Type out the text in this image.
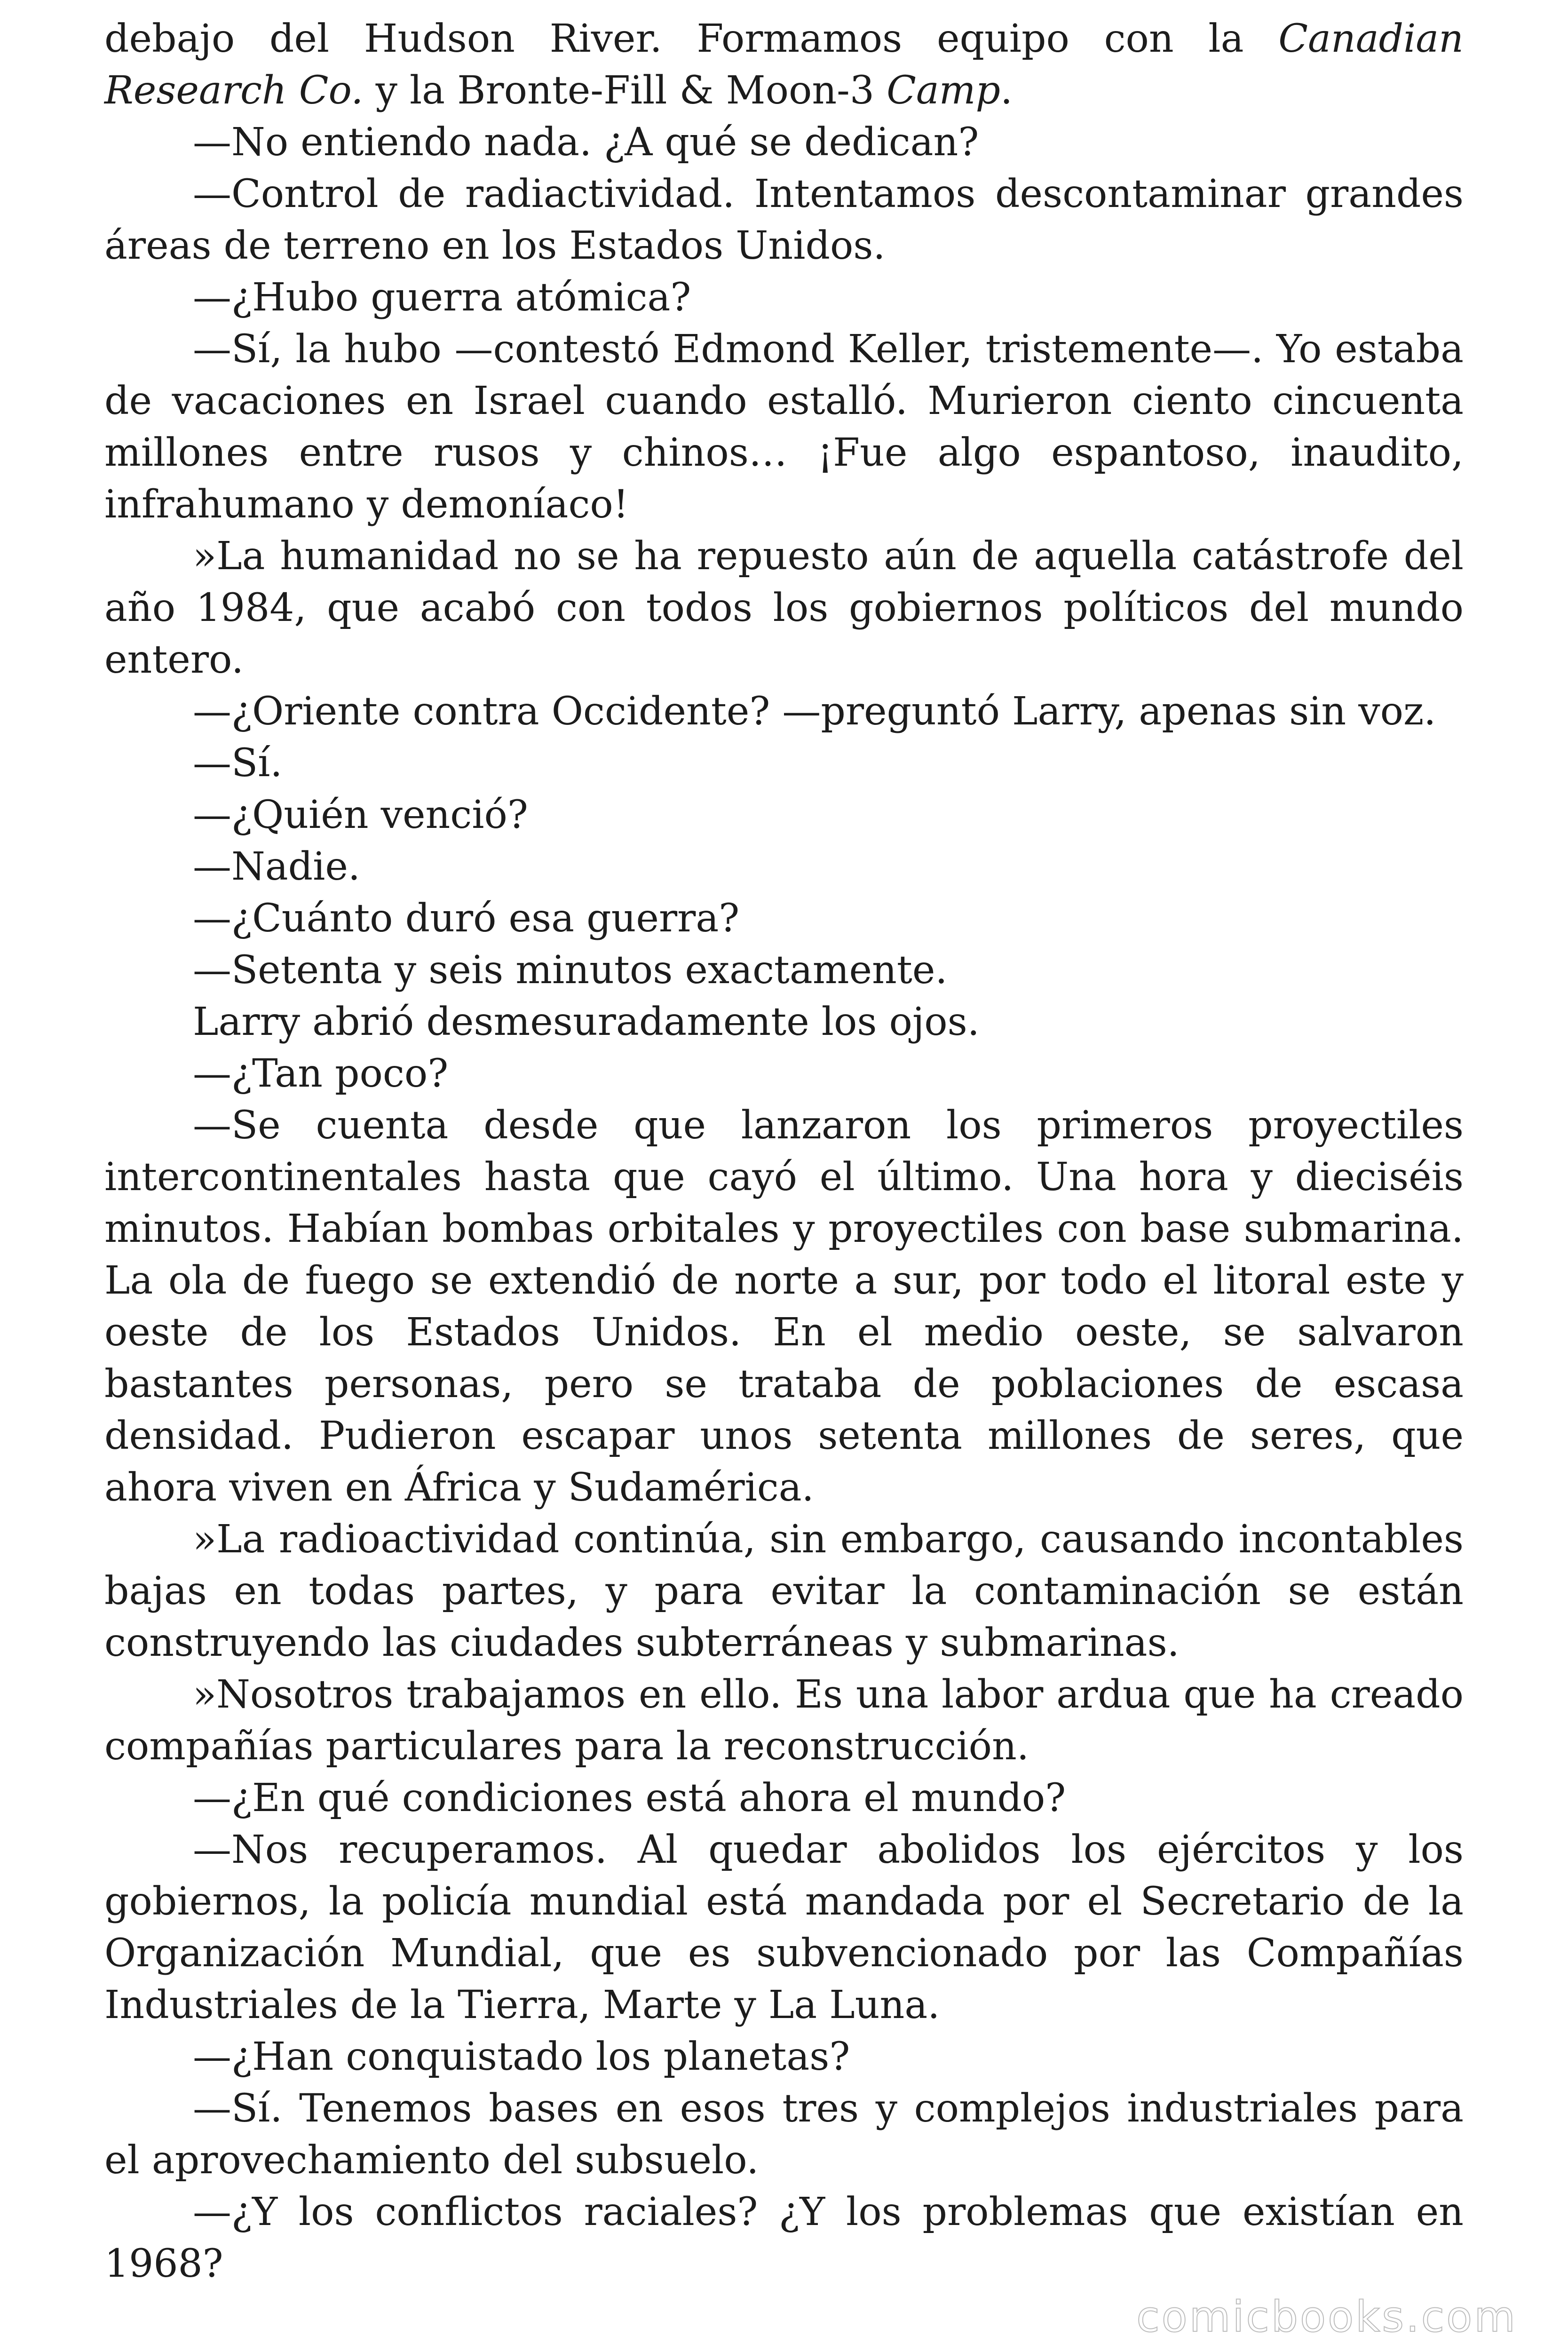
debajo del Hudson River. Formamos equipo con la Canadian Research Co. y la Bronte-Fill & Moon-3 Camp.

—No entiendo nada. ¿A qué se dedican?

—Control de radiactividad. Intentamos descontaminar grandes áreas de terreno en los Estados Unidos.

—¿Hubo guerra atómica?

—Sí, la hubo —contestó Edmond Keller, tristemente—. Yo estaba de vacaciones en Israel cuando estalló. Murieron ciento cincuenta millones entre rusos y chinos… ¡Fue algo espantoso, inaudito, infrahumano y demoníaco!

»La humanidad no se ha repuesto aún de aquella catástrofe del año 1984, que acabó con todos los gobiernos políticos del mundo entero.

—¿Oriente contra Occidente? —preguntó Larry, apenas sin voz.

—Sí.

—¿Quién venció?

—Nadie.

—¿Cuánto duró esa guerra?

—Setenta y seis minutos exactamente.

Larry abrió desmesuradamente los ojos.

—¿Tan poco?

—Se cuenta desde que lanzaron los primeros proyectiles intercontinentales hasta que cayó el último. Una hora y dieciséis minutos. Habían bombas orbitales y proyectiles con base submarina. La ola de fuego se extendió de norte a sur, por todo el litoral este y oeste de los Estados Unidos. En el medio oeste, se salvaron bastantes personas, pero se trataba de poblaciones de escasa densidad. Pudieron escapar unos setenta millones de seres, que ahora viven en África y Sudamérica.

»La radioactividad continúa, sin embargo, causando incontables bajas en todas partes, y para evitar la contaminación se están construyendo las ciudades subterráneas y submarinas.

»Nosotros trabajamos en ello. Es una labor ardua que ha creado compañías particulares para la reconstrucción.

—¿En qué condiciones está ahora el mundo?

—Nos recuperamos. Al quedar abolidos los ejércitos y los gobiernos, la policía mundial está mandada por el Secretario de la Organización Mundial, que es subvencionado por las Compañías Industriales de la Tierra, Marte y La Luna.

—¿Han conquistado los planetas?

—Sí. Tenemos bases en esos tres y complejos industriales para el aprovechamiento del subsuelo.

—¿Y los conflictos raciales? ¿Y los problemas que existían en 1968?

comicbooks.com
